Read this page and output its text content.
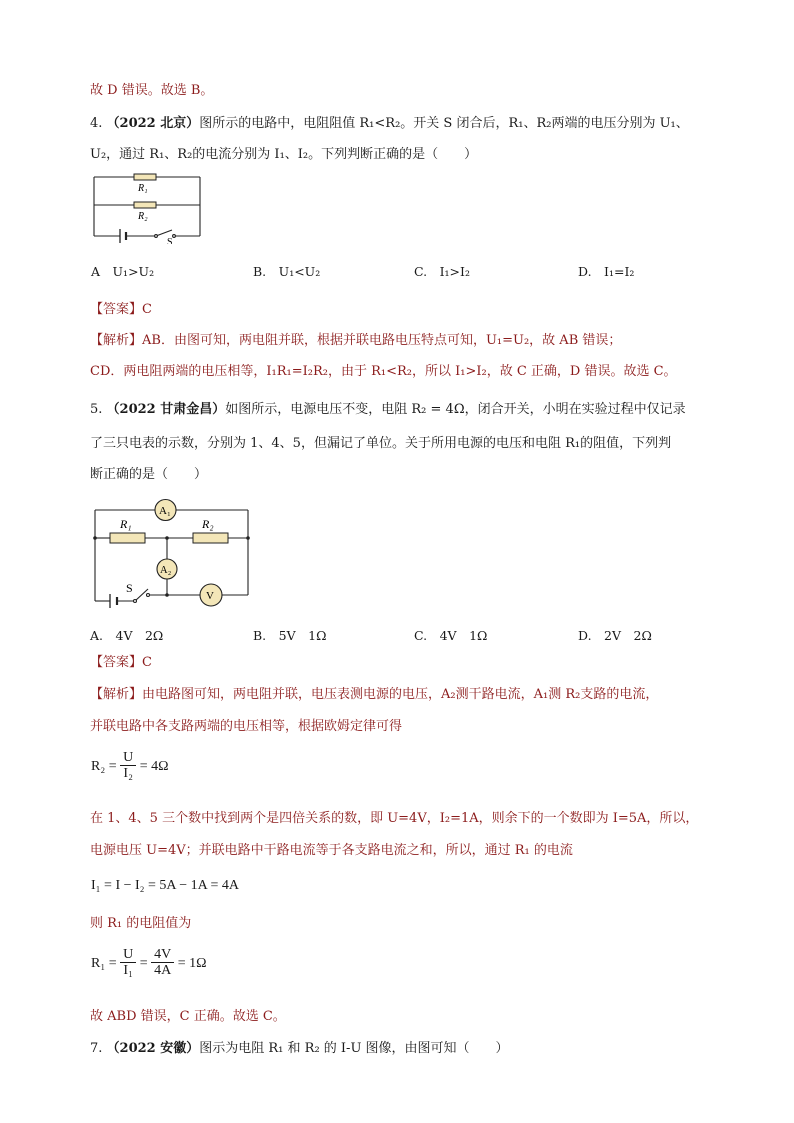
故 D 错误。故选 B。
4. （2022 北京）图所示的电路中，电阻阻值 R₁<R₂。开关 S 闭合后，R₁、R₂两端的电压分别为 U₁、
U₂，通过 R₁、R₂的电流分别为 I₁、I₂。下列判断正确的是（　　）
R₁
R₂
S
A　U₁>U₂	B.　U₁<U₂	C.　I₁>I₂	D.　I₁=I₂
【答案】C
【解析】AB．由图可知，两电阻并联，根据并联电路电压特点可知，U₁=U₂，故 AB 错误；
CD．两电阻两端的电压相等，I₁R₁=I₂R₂，由于 R₁<R₂，所以 I₁>I₂，故 C 正确，D 错误。故选 C。
5. （2022 甘肃金昌）如图所示，电源电压不变，电阻 R₂ = 4Ω，闭合开关，小明在实验过程中仅记录
了三只电表的示数，分别为 1、4、5，但漏记了单位。关于所用电源的电压和电阻 R₁的阻值，下列判
断正确的是（　　）
A₁
A₂
V
R₁	R₂
S
A.　4V　2Ω	B.　5V　1Ω	C.　4V　1Ω	D.　2V　2Ω
【答案】C
【解析】由电路图可知，两电阻并联，电压表测电源的电压，A₂测干路电流，A₁测 R₂支路的电流，
并联电路中各支路两端的电压相等，根据欧姆定律可得
$R_2 = \frac{U}{\text{I₂}} = 4\Omega$
在 1、4、5 三个数中找到两个是四倍关系的数，即 U=4V，I₂=1A，则余下的一个数即为 I=5A，所以，
电源电压 U=4V；并联电路中干路电流等于各支路电流之和，所以，通过 R₁ 的电流
I₁ = I − I₂ = 5A − 1A = 4A
则 R₁ 的电阻值为
$R_1 = \frac{U}{\text{I₁}} = \frac{4V}{4A} = 1\Omega$
故 ABD 错误，C 正确。故选 C。
7. （2022 安徽）图示为电阻 R₁ 和 R₂ 的 I-U 图像，由图可知（　　）
